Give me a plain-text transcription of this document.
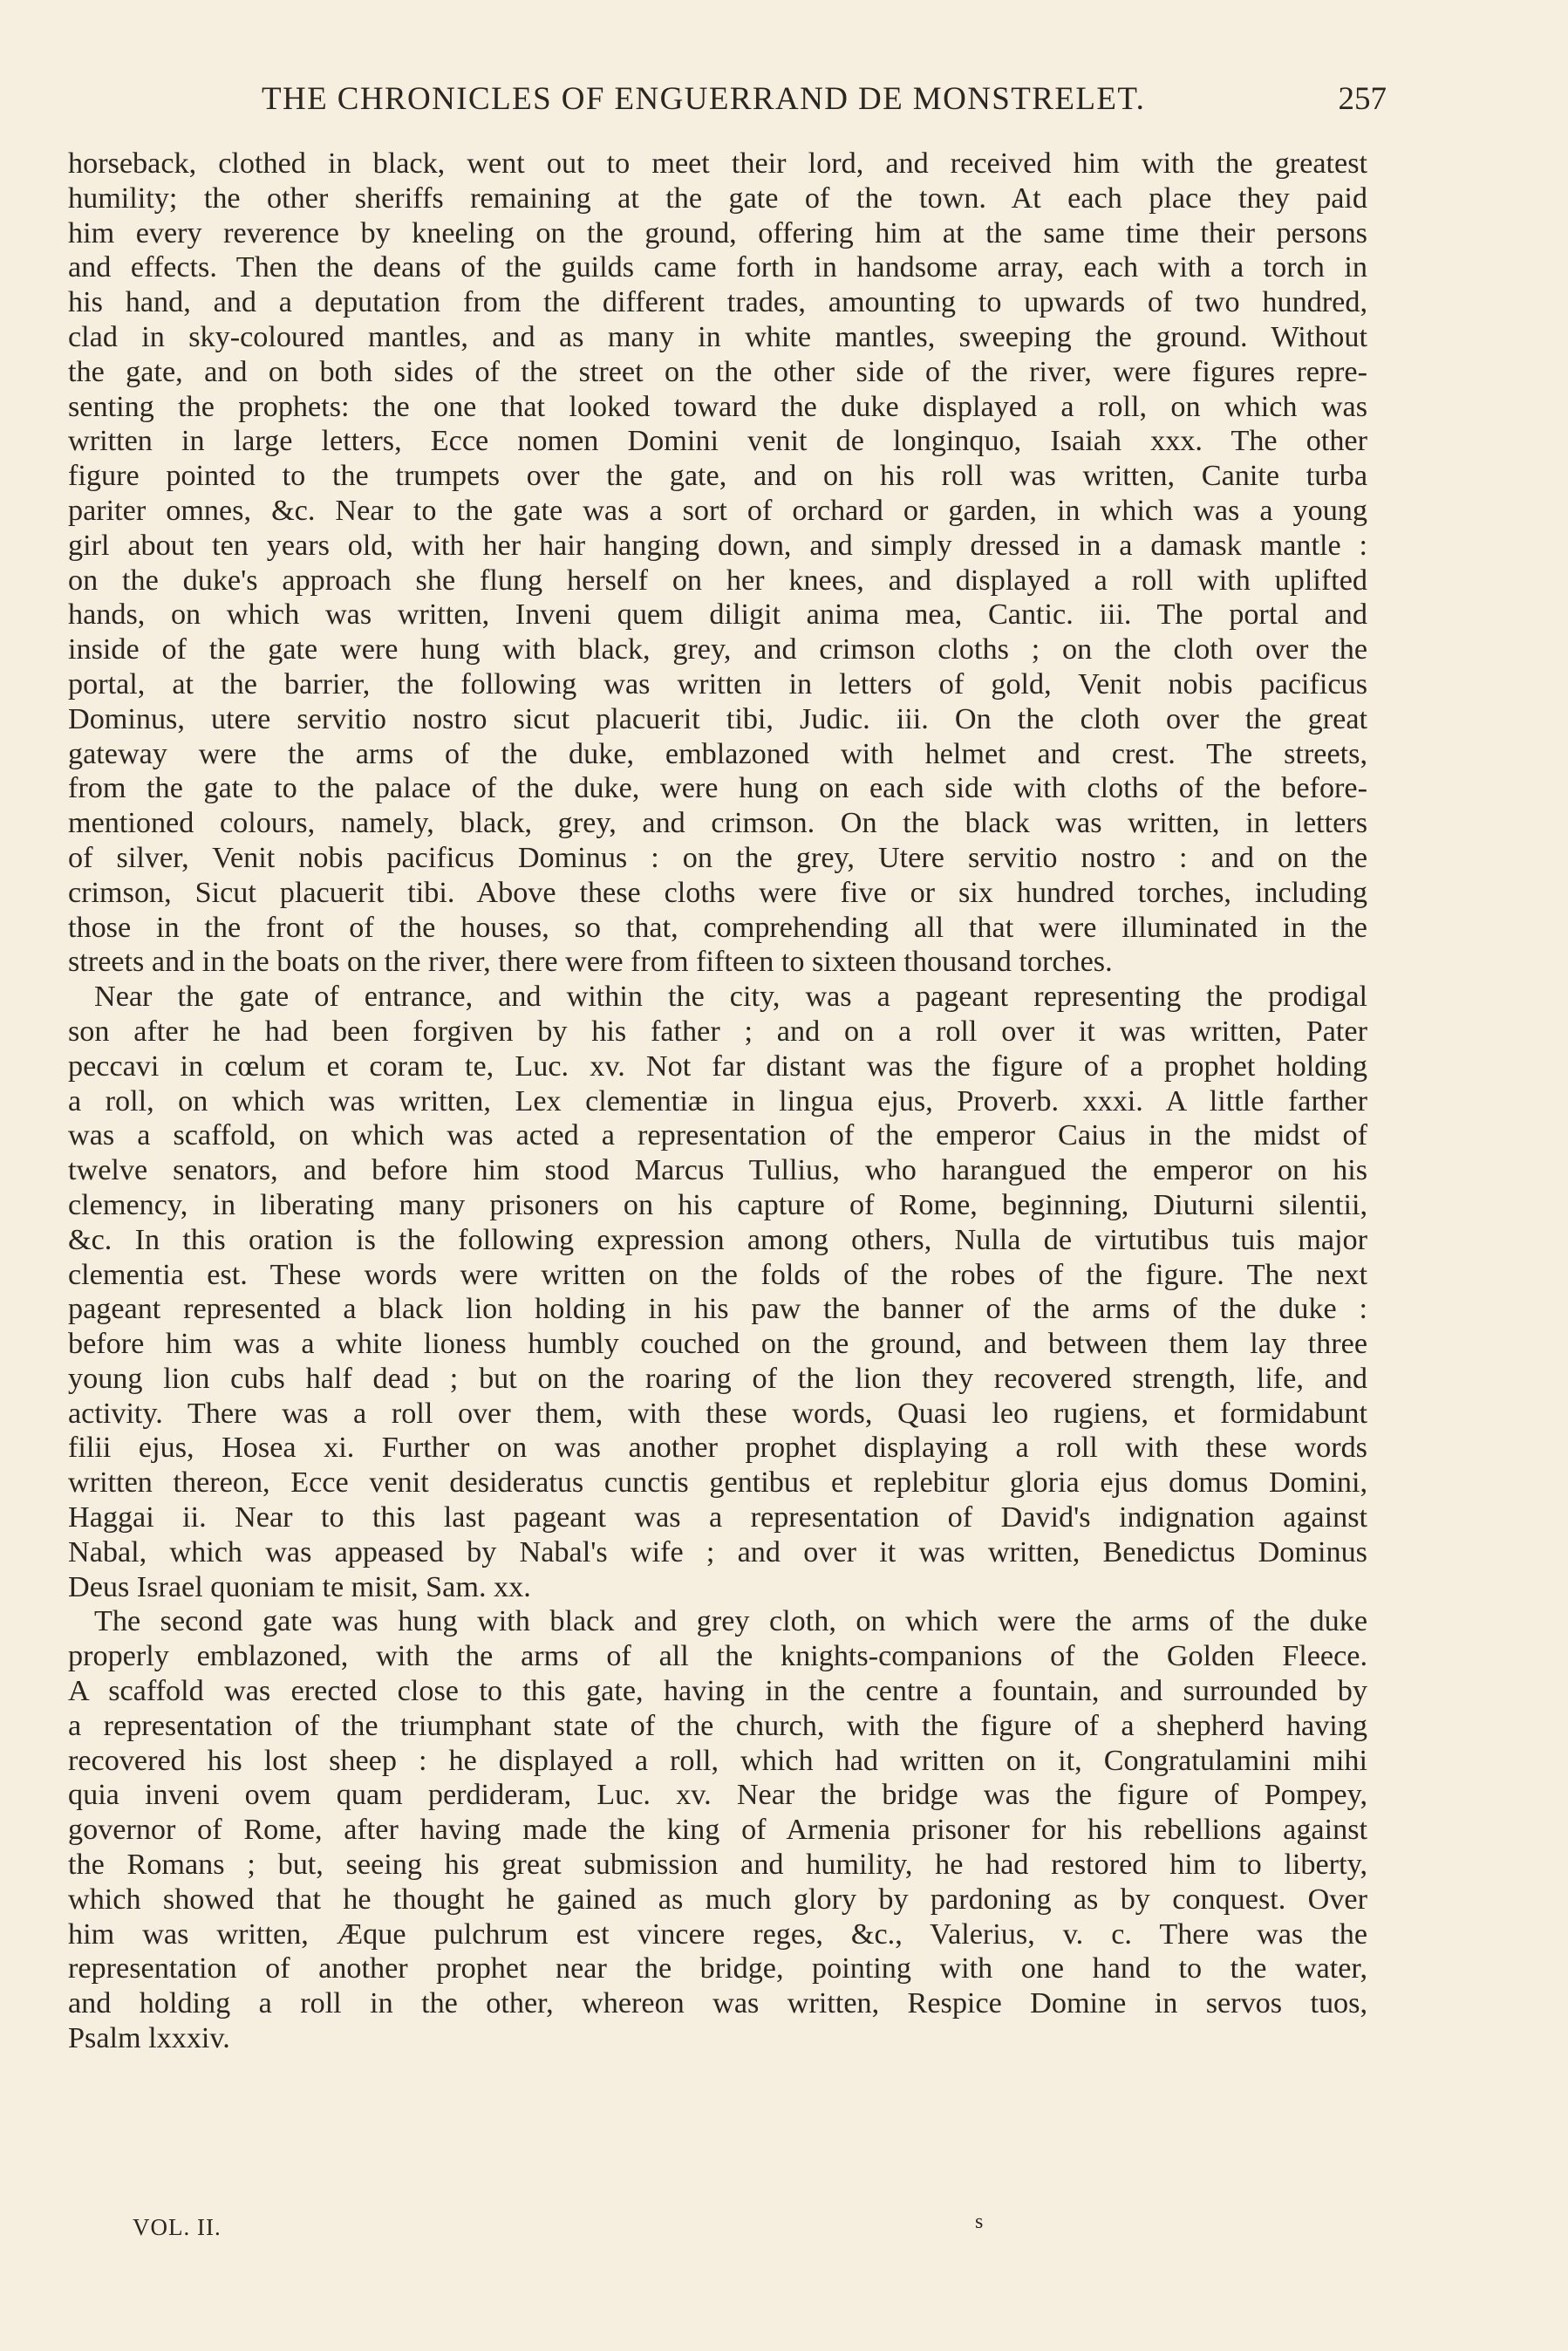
THE CHRONICLES OF ENGUERRAND DE MONSTRELET.	257

horseback, clothed in black, went out to meet their lord, and received him with the greatest
humility; the other sheriffs remaining at the gate of the town. At each place they paid
him every reverence by kneeling on the ground, offering him at the same time their persons
and effects. Then the deans of the guilds came forth in handsome array, each with a torch in
his hand, and a deputation from the different trades, amounting to upwards of two hundred,
clad in sky-coloured mantles, and as many in white mantles, sweeping the ground. Without
the gate, and on both sides of the street on the other side of the river, were figures repre-
senting the prophets: the one that looked toward the duke displayed a roll, on which was
written in large letters, Ecce nomen Domini venit de longinquo, Isaiah xxx. The other
figure pointed to the trumpets over the gate, and on his roll was written, Canite turba
pariter omnes, &c. Near to the gate was a sort of orchard or garden, in which was a young
girl about ten years old, with her hair hanging down, and simply dressed in a damask mantle :
on the duke's approach she flung herself on her knees, and displayed a roll with uplifted
hands, on which was written, Inveni quem diligit anima mea, Cantic. iii. The portal and
inside of the gate were hung with black, grey, and crimson cloths ; on the cloth over the
portal, at the barrier, the following was written in letters of gold, Venit nobis pacificus
Dominus, utere servitio nostro sicut placuerit tibi, Judic. iii. On the cloth over the great
gateway were the arms of the duke, emblazoned with helmet and crest. The streets,
from the gate to the palace of the duke, were hung on each side with cloths of the before-
mentioned colours, namely, black, grey, and crimson. On the black was written, in letters
of silver, Venit nobis pacificus Dominus : on the grey, Utere servitio nostro : and on the
crimson, Sicut placuerit tibi. Above these cloths were five or six hundred torches, including
those in the front of the houses, so that, comprehending all that were illuminated in the
streets and in the boats on the river, there were from fifteen to sixteen thousand torches.

Near the gate of entrance, and within the city, was a pageant representing the prodigal
son after he had been forgiven by his father ; and on a roll over it was written, Pater
peccavi in cœlum et coram te, Luc. xv. Not far distant was the figure of a prophet holding
a roll, on which was written, Lex clementiæ in lingua ejus, Proverb. xxxi. A little farther
was a scaffold, on which was acted a representation of the emperor Caius in the midst of
twelve senators, and before him stood Marcus Tullius, who harangued the emperor on his
clemency, in liberating many prisoners on his capture of Rome, beginning, Diuturni silentii,
&c. In this oration is the following expression among others, Nulla de virtutibus tuis major
clementia est. These words were written on the folds of the robes of the figure. The next
pageant represented a black lion holding in his paw the banner of the arms of the duke :
before him was a white lioness humbly couched on the ground, and between them lay three
young lion cubs half dead ; but on the roaring of the lion they recovered strength, life, and
activity. There was a roll over them, with these words, Quasi leo rugiens, et formidabunt
filii ejus, Hosea xi. Further on was another prophet displaying a roll with these words
written thereon, Ecce venit desideratus cunctis gentibus et replebitur gloria ejus domus Domini,
Haggai ii. Near to this last pageant was a representation of David's indignation against
Nabal, which was appeased by Nabal's wife ; and over it was written, Benedictus Dominus
Deus Israel quoniam te misit, Sam. xx.

The second gate was hung with black and grey cloth, on which were the arms of the duke
properly emblazoned, with the arms of all the knights-companions of the Golden Fleece.
A scaffold was erected close to this gate, having in the centre a fountain, and surrounded by
a representation of the triumphant state of the church, with the figure of a shepherd having
recovered his lost sheep : he displayed a roll, which had written on it, Congratulamini mihi
quia inveni ovem quam perdideram, Luc. xv. Near the bridge was the figure of Pompey,
governor of Rome, after having made the king of Armenia prisoner for his rebellions against
the Romans ; but, seeing his great submission and humility, he had restored him to liberty,
which showed that he thought he gained as much glory by pardoning as by conquest. Over
him was written, Æque pulchrum est vincere reges, &c., Valerius, v. c. There was the
representation of another prophet near the bridge, pointing with one hand to the water,
and holding a roll in the other, whereon was written, Respice Domine in servos tuos,
Psalm lxxxiv.

VOL. II.	s
